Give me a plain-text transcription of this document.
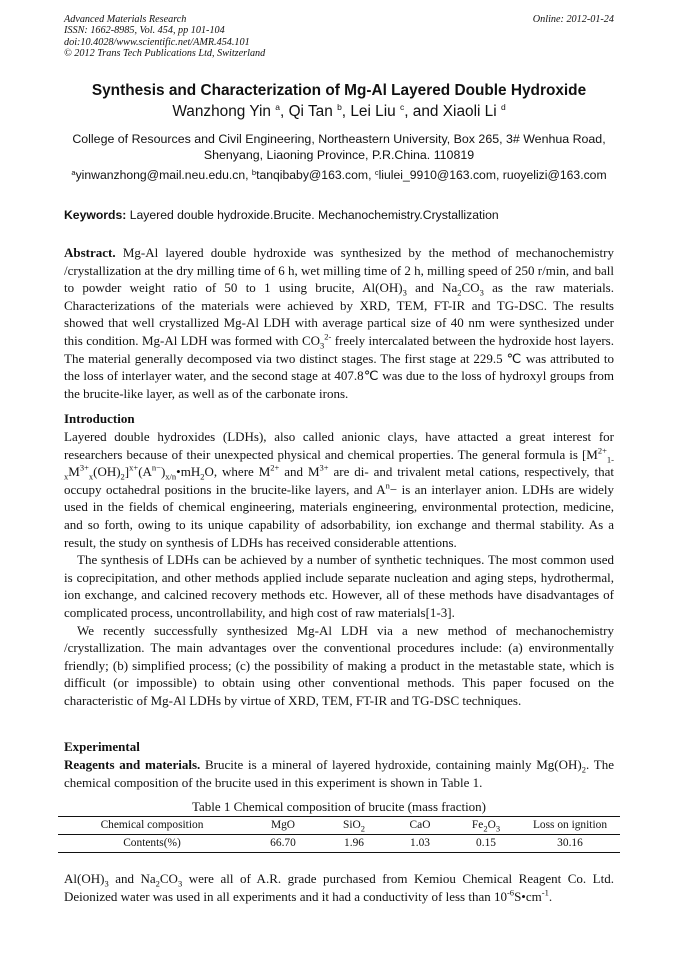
Advanced Materials Research
ISSN: 1662-8985, Vol. 454, pp 101-104
doi:10.4028/www.scientific.net/AMR.454.101
© 2012 Trans Tech Publications Ltd, Switzerland
Online: 2012-01-24
Synthesis and Characterization of Mg-Al Layered Double Hydroxide
Wanzhong Yin $^a$, Qi Tan $^b$, Lei Liu $^c$, and Xiaoli Li $^d$
College of Resources and Civil Engineering, Northeastern University, Box 265, 3# Wenhua Road, Shenyang, Liaoning Province, P.R.China. 110819
$^a$yinwanzhong@mail.neu.edu.cn, $^b$tanqibaby@163.com, $^c$liulei_9910@163.com, ruoyelizi@163.com
Keywords: Layered double hydroxide.Brucite. Mechanochemistry.Crystallization

Abstract. Mg-Al layered double hydroxide was synthesized by the method of mechanochemistry /crystallization at the dry milling time of 6 h, wet milling time of 2 h, milling speed of 250 r/min, and ball to powder weight ratio of 50 to 1 using brucite, $Al(OH)_3$ and $Na_2CO_3$ as the raw materials. Characterizations of the materials were achieved by XRD, TEM, FT-IR and TG-DSC. The results showed that well crystallized Mg-Al LDH with average partical size of 40 nm were synthesized under this condition. Mg-Al LDH was formed with $CO_3^{2-}$ freely intercalated between the hydroxide host layers. The material generally decomposed via two distinct stages. The first stage at 229.5 ℃ was attributed to the loss of interlayer water, and the second stage at 407.8℃ was due to the loss of hydroxyl groups from the brucite-like layer, as well as of the carbonate irons.

Introduction

Layered double hydroxides (LDHs), also called anionic clays, have attacted a great interest for researchers because of their unexpected physical and chemical properties. The general formula is $[M^{2+}_{1-x}M^{3+}_x(OH)_2]^{x+}(A^{n-})_{x/n}•mH_2O$, where $M^{2+}$ and $M^{3+}$ are di- and trivalent metal cations, respectively, that occupy octahedral positions in the brucite-like layers, and $A^n-$ is an interlayer anion. LDHs are widely used in the fields of chemical engineering, materials engineering, environmental protection, medicine, and so forth, owing to its unique capability of adsorbability, ion exchange and thermal stability. As a result, the study on synthesis of LDHs has received considerable attentions.

The synthesis of LDHs can be achieved by a number of synthetic techniques. The most common used is coprecipitation, and other methods applied include separate nucleation and aging steps, hydrothermal, ion exchange, and calcined recovery methods etc. However, all of these methods have disadvantages of complicated process, uncontrollability, and high cost of raw materials[1-3].

We recently successfully synthesized Mg-Al LDH via a new method of mechanochemistry /crystallization. The main advantages over the conventional procedures include: (a) environmentally friendly; (b) simplified process; (c) the possibility of making a product in the metastable state, which is difficult (or impossible) to obtain using other conventional methods. This paper focused on the characteristic of Mg-Al LDHs by virtue of XRD, TEM, FT-IR and TG-DSC techniques.

Experimental

Reagents and materials. Brucite is a mineral of layered hydroxide, containing mainly $Mg(OH)_2$. The chemical composition of the brucite used in this experiment is shown in Table 1.

Table 1 Chemical composition of brucite (mass fraction)
Chemical composition	MgO	SiO$_2$	CaO	$Fe_2O_3$	Loss on ignition
Contents(%)	66.70	1.96	1.03	0.15	30.16

$Al(OH)_3$ and $Na_2CO_3$ were all of A.R. grade purchased from Kemiou Chemical Reagent Co. Ltd. Deionized water was used in all experiments and it had a conductivity of less than $10^{-6}S•cm^{-1}$.
